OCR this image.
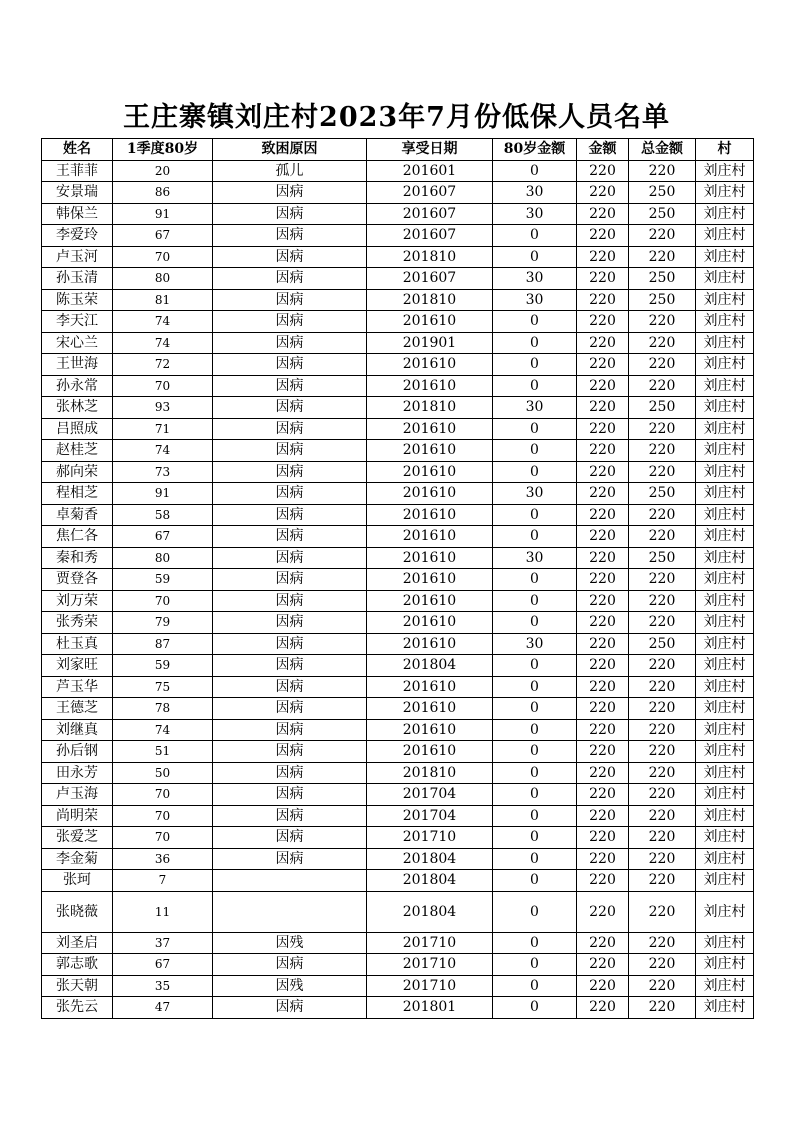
王庄寨镇刘庄村2023年7月份低保人员名单
姓名	1季度80岁	致困原因	享受日期	80岁金额	金额	总金额	村
王菲菲	20	孤儿	201601	0	220	220	刘庄村
安景瑞	86	因病	201607	30	220	250	刘庄村
韩保兰	91	因病	201607	30	220	250	刘庄村
李爱玲	67	因病	201607	0	220	220	刘庄村
卢玉河	70	因病	201810	0	220	220	刘庄村
孙玉清	80	因病	201607	30	220	250	刘庄村
陈玉荣	81	因病	201810	30	220	250	刘庄村
李天江	74	因病	201610	0	220	220	刘庄村
宋心兰	74	因病	201901	0	220	220	刘庄村
王世海	72	因病	201610	0	220	220	刘庄村
孙永常	70	因病	201610	0	220	220	刘庄村
张林芝	93	因病	201810	30	220	250	刘庄村
吕照成	71	因病	201610	0	220	220	刘庄村
赵桂芝	74	因病	201610	0	220	220	刘庄村
郝向荣	73	因病	201610	0	220	220	刘庄村
程相芝	91	因病	201610	30	220	250	刘庄村
卓菊香	58	因病	201610	0	220	220	刘庄村
焦仁各	67	因病	201610	0	220	220	刘庄村
秦和秀	80	因病	201610	30	220	250	刘庄村
贾登各	59	因病	201610	0	220	220	刘庄村
刘万荣	70	因病	201610	0	220	220	刘庄村
张秀荣	79	因病	201610	0	220	220	刘庄村
杜玉真	87	因病	201610	30	220	250	刘庄村
刘家旺	59	因病	201804	0	220	220	刘庄村
芦玉华	75	因病	201610	0	220	220	刘庄村
王德芝	78	因病	201610	0	220	220	刘庄村
刘继真	74	因病	201610	0	220	220	刘庄村
孙后钢	51	因病	201610	0	220	220	刘庄村
田永芳	50	因病	201810	0	220	220	刘庄村
卢玉海	70	因病	201704	0	220	220	刘庄村
尚明荣	70	因病	201704	0	220	220	刘庄村
张爱芝	70	因病	201710	0	220	220	刘庄村
李金菊	36	因病	201804	0	220	220	刘庄村
张珂	7		201804	0	220	220	刘庄村
张晓薇	11		201804	0	220	220	刘庄村
刘圣启	37	因残	201710	0	220	220	刘庄村
郭志歌	67	因病	201710	0	220	220	刘庄村
张天朝	35	因残	201710	0	220	220	刘庄村
张先云	47	因病	201801	0	220	220	刘庄村
